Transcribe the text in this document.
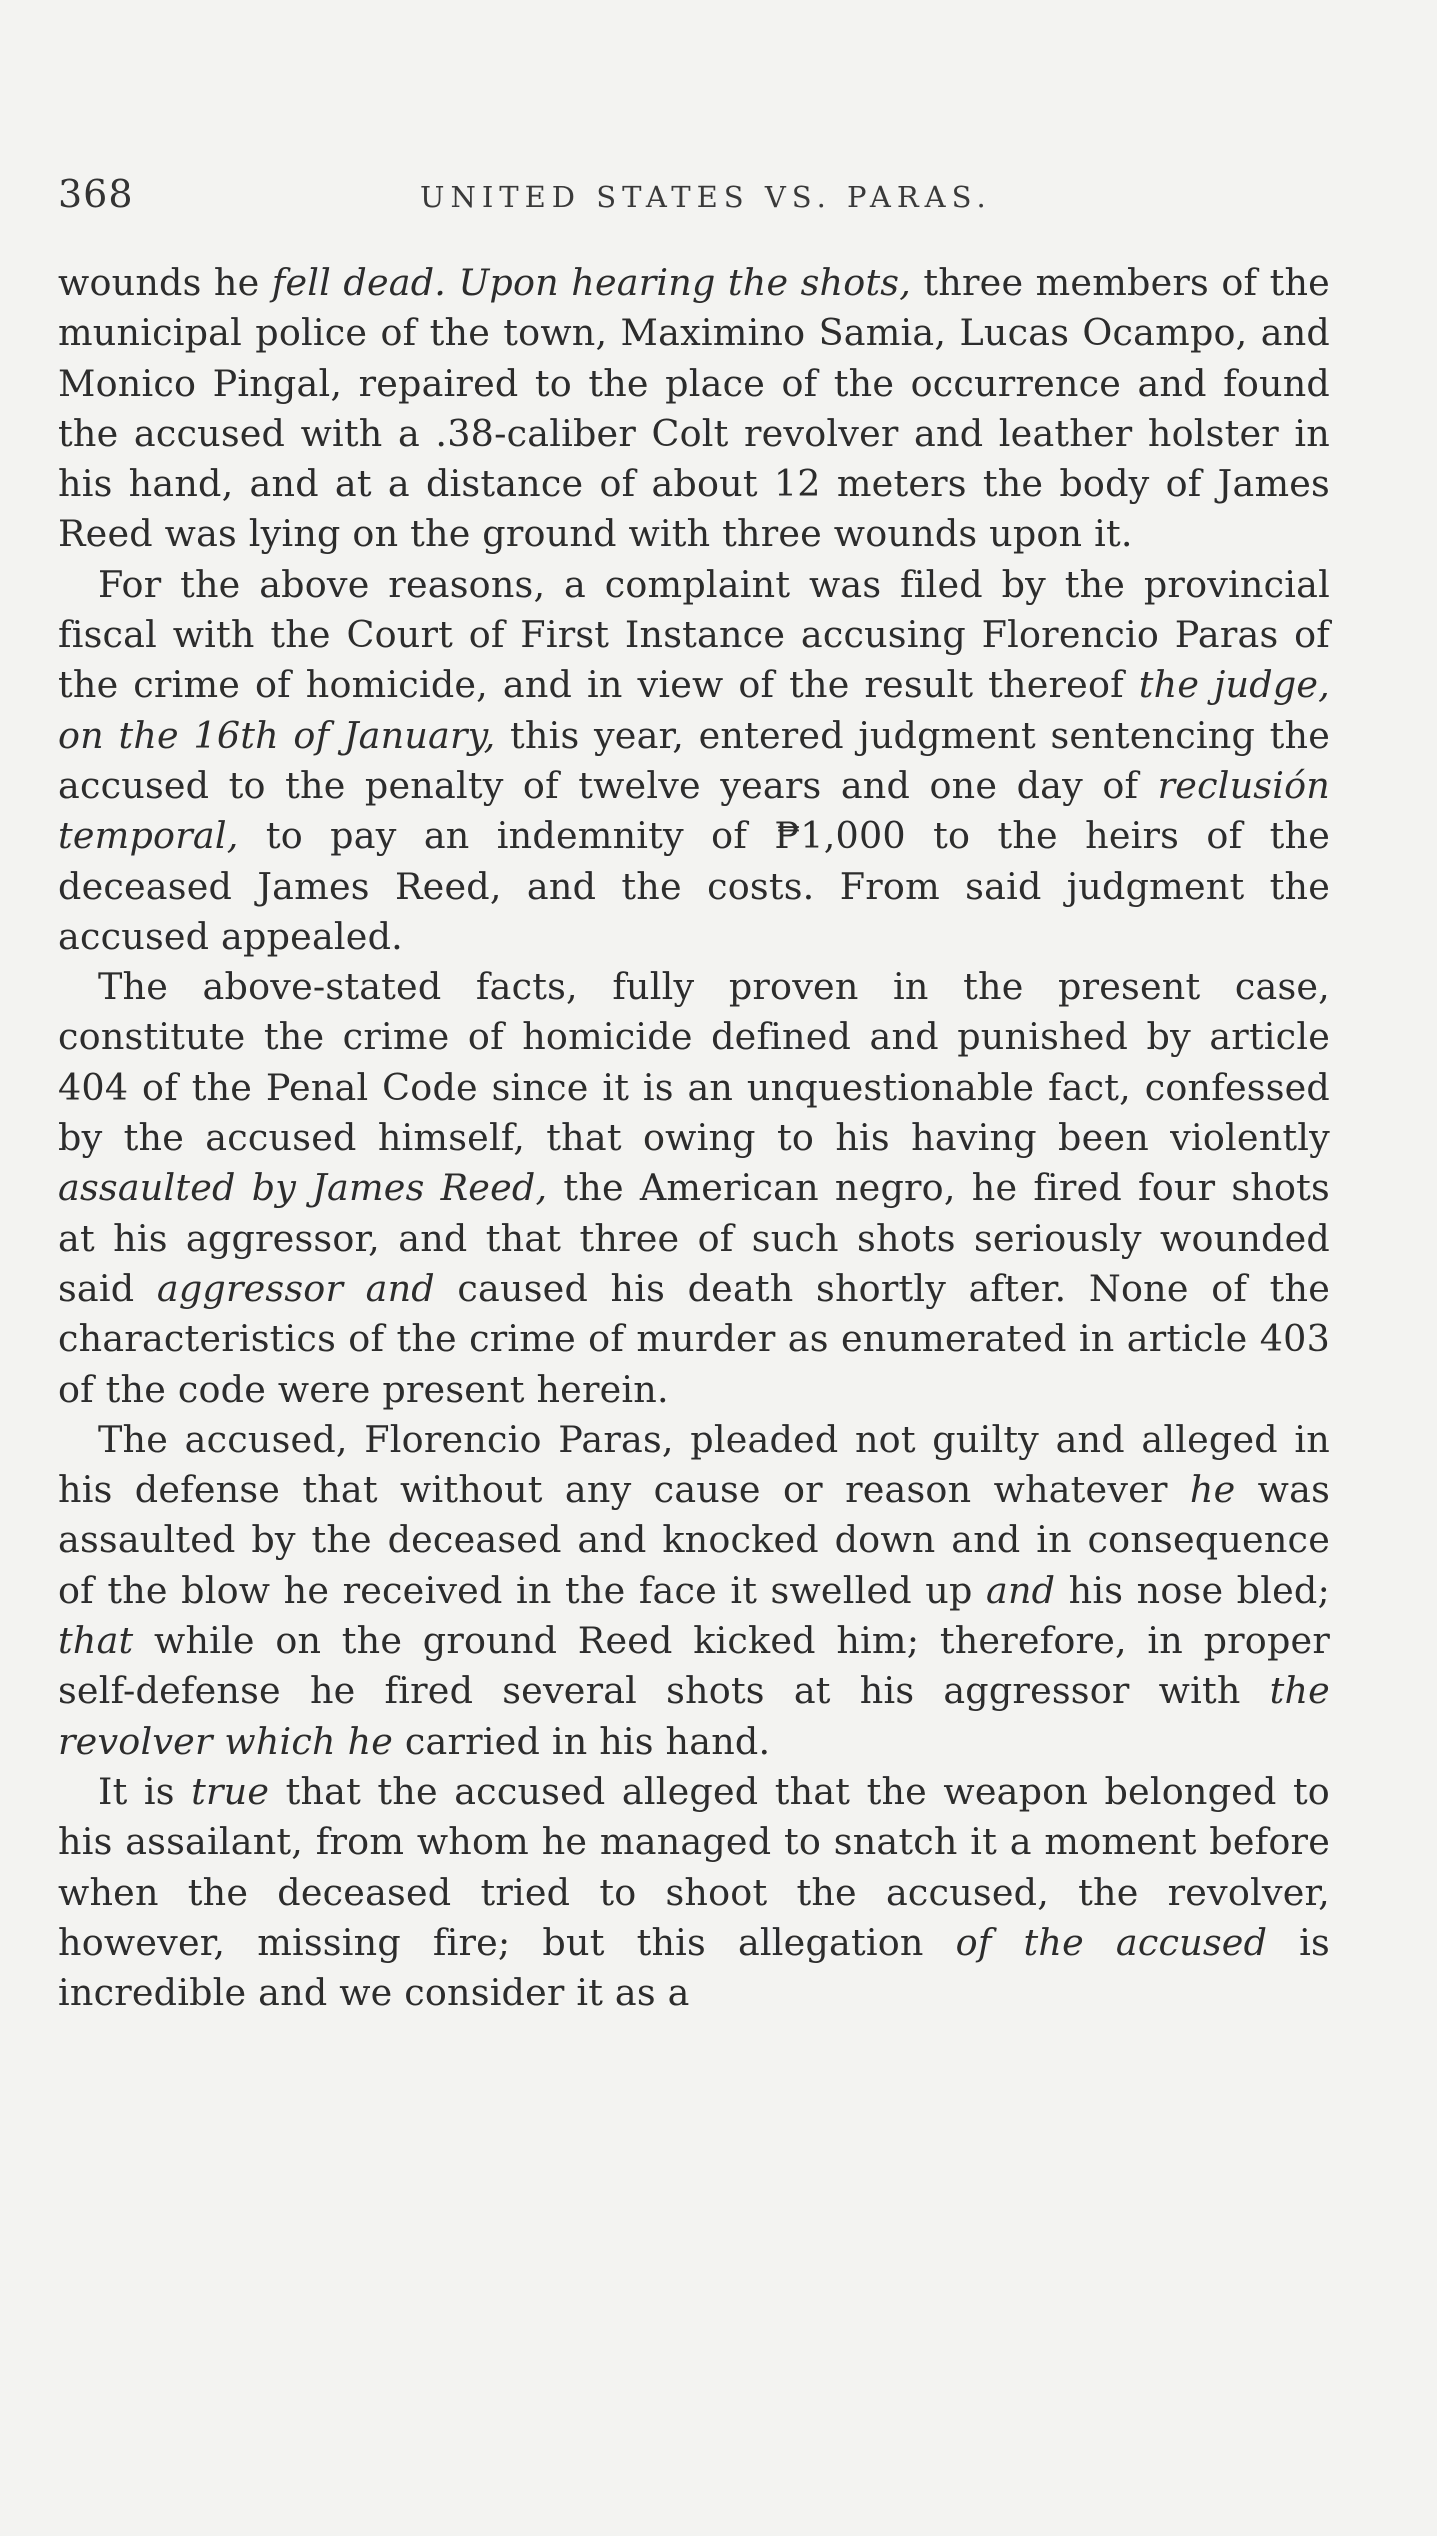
368	UNITED STATES VS. PARAS.

wounds he fell dead. Upon hearing the shots, three members of the municipal police of the town, Maximino Samia, Lucas Ocampo, and Monico Pingal, repaired to the place of the occurrence and found the accused with a .38-caliber Colt revolver and leather holster in his hand, and at a distance of about 12 meters the body of James Reed was lying on the ground with three wounds upon it.

For the above reasons, a complaint was filed by the provincial fiscal with the Court of First Instance accusing Florencio Paras of the crime of homicide, and in view of the result thereof the judge, on the 16th of January, this year, entered judgment sentencing the accused to the penalty of twelve years and one day of reclusión temporal, to pay an indemnity of ₱1,000 to the heirs of the deceased James Reed, and the costs. From said judgment the accused appealed.

The above-stated facts, fully proven in the present case, constitute the crime of homicide defined and punished by article 404 of the Penal Code since it is an unquestionable fact, confessed by the accused himself, that owing to his having been violently assaulted by James Reed, the American negro, he fired four shots at his aggressor, and that three of such shots seriously wounded said aggressor and caused his death shortly after. None of the characteristics of the crime of murder as enumerated in article 403 of the code were present herein.

The accused, Florencio Paras, pleaded not guilty and alleged in his defense that without any cause or reason whatever he was assaulted by the deceased and knocked down and in consequence of the blow he received in the face it swelled up and his nose bled; that while on the ground Reed kicked him; therefore, in proper self-defense he fired several shots at his aggressor with the revolver which he carried in his hand.

It is true that the accused alleged that the weapon belonged to his assailant, from whom he managed to snatch it a moment before when the deceased tried to shoot the accused, the revolver, however, missing fire; but this allegation of the accused is incredible and we consider it as a
